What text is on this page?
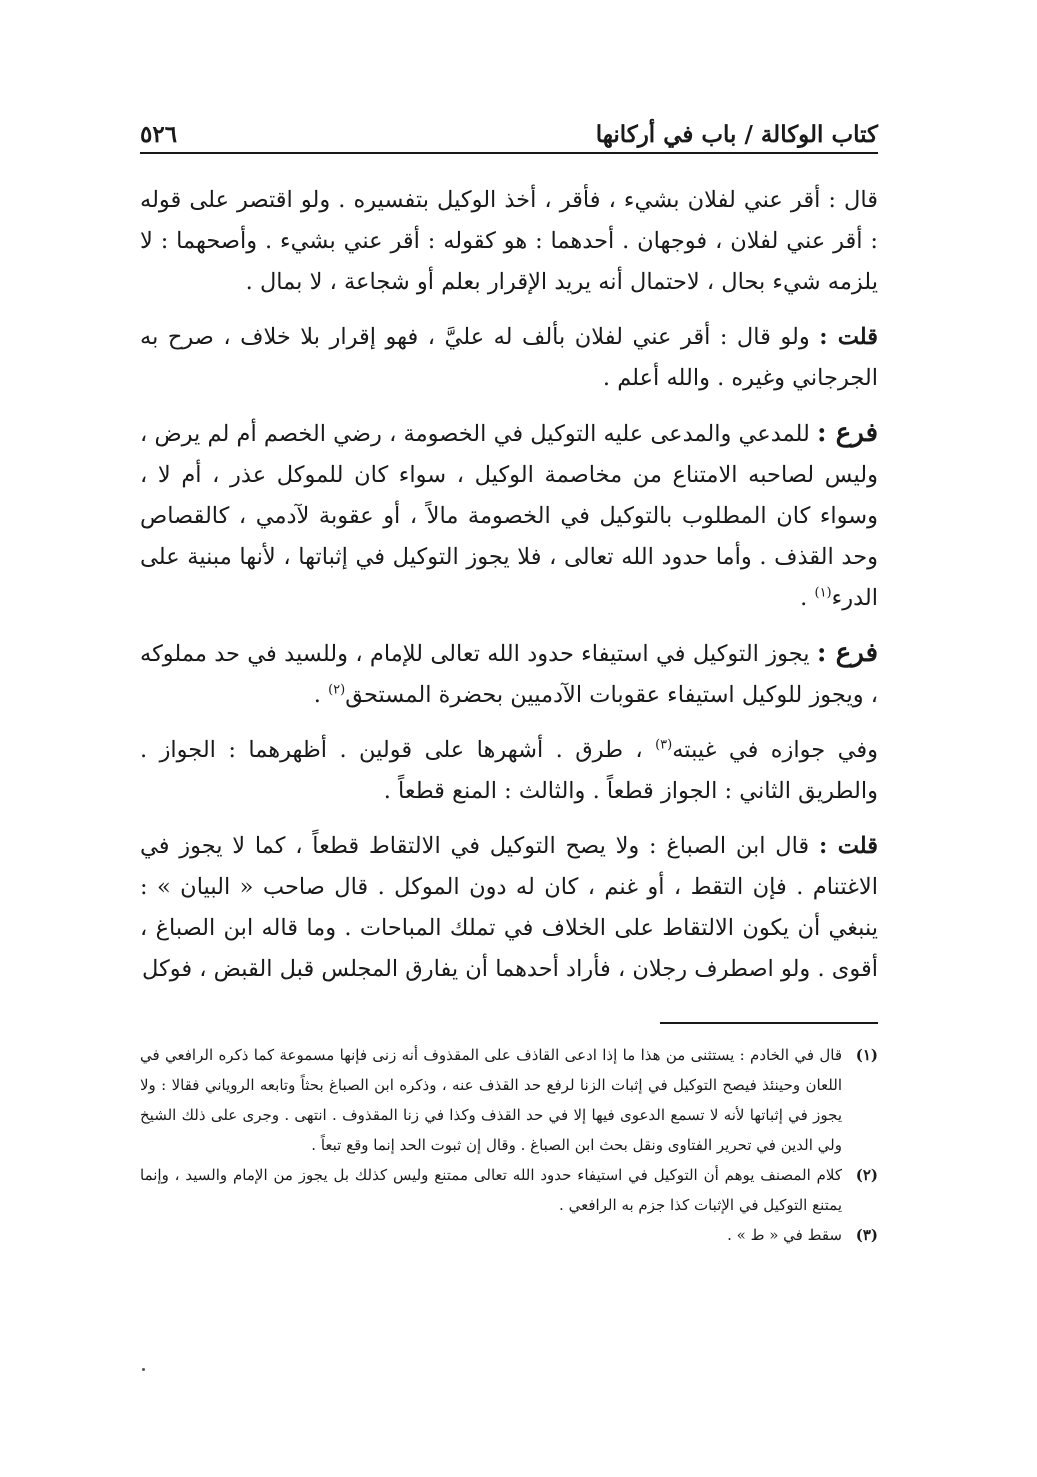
كتاب الوكالة / باب في أركانها
٥٢٦

قال : أقر عني لفلان بشيء ، فأقر ، أخذ الوكيل بتفسيره . ولو اقتصر على قوله : أقر عني لفلان ، فوجهان . أحدهما : هو كقوله : أقر عني بشيء . وأصحهما : لا يلزمه شيء بحال ، لاحتمال أنه يريد الإقرار بعلم أو شجاعة ، لا بمال .

قلت : ولو قال : أقر عني لفلان بألف له عليَّ ، فهو إقرار بلا خلاف ، صرح به الجرجاني وغيره . والله أعلم .

فرع : للمدعي والمدعى عليه التوكيل في الخصومة ، رضي الخصم أم لم يرض ، وليس لصاحبه الامتناع من مخاصمة الوكيل ، سواء كان للموكل عذر ، أم لا ، وسواء كان المطلوب بالتوكيل في الخصومة مالاً ، أو عقوبة لآدمي ، كالقصاص وحد القذف . وأما حدود الله تعالى ، فلا يجوز التوكيل في إثباتها ، لأنها مبنية على الدرء$^{(١)}$ .

فرع : يجوز التوكيل في استيفاء حدود الله تعالى للإمام ، وللسيد في حد مملوكه ، ويجوز للوكيل استيفاء عقوبات الآدميين بحضرة المستحق$^{(٢)}$ .

وفي جوازه في غيبته$^{(٣)}$ ، طرق . أشهرها على قولين . أظهرهما : الجواز . والطريق الثاني : الجواز قطعاً . والثالث : المنع قطعاً .

قلت : قال ابن الصباغ : ولا يصح التوكيل في الالتقاط قطعاً ، كما لا يجوز في الاغتنام . فإن التقط ، أو غنم ، كان له دون الموكل . قال صاحب « البيان » : ينبغي أن يكون الالتقاط على الخلاف في تملك المباحات . وما قاله ابن الصباغ ، أقوى . ولو اصطرف رجلان ، فأراد أحدهما أن يفارق المجلس قبل القبض ، فوكل

(١)
قال في الخادم : يستثنى من هذا ما إذا ادعى القاذف على المقذوف أنه زنى فإنها مسموعة كما ذكره الرافعي في اللعان وحينئذ فيصح التوكيل في إثبات الزنا لرفع حد القذف عنه ، وذكره ابن الصباغ بحثاً وتابعه الروياني فقالا : ولا يجوز في إثباتها لأنه لا تسمع الدعوى فيها إلا في حد القذف وكذا في زنا المقذوف . انتهى . وجرى على ذلك الشيخ ولي الدين في تحرير الفتاوى ونقل بحث ابن الصباغ . وقال إن ثبوت الحد إنما وقع تبعاً .
(٢)
كلام المصنف يوهم أن التوكيل في استيفاء حدود الله تعالى ممتنع وليس كذلك بل يجوز من الإمام والسيد ، وإنما يمتنع التوكيل في الإثبات كذا جزم به الرافعي .
(٣)
سقط في « ط » .
